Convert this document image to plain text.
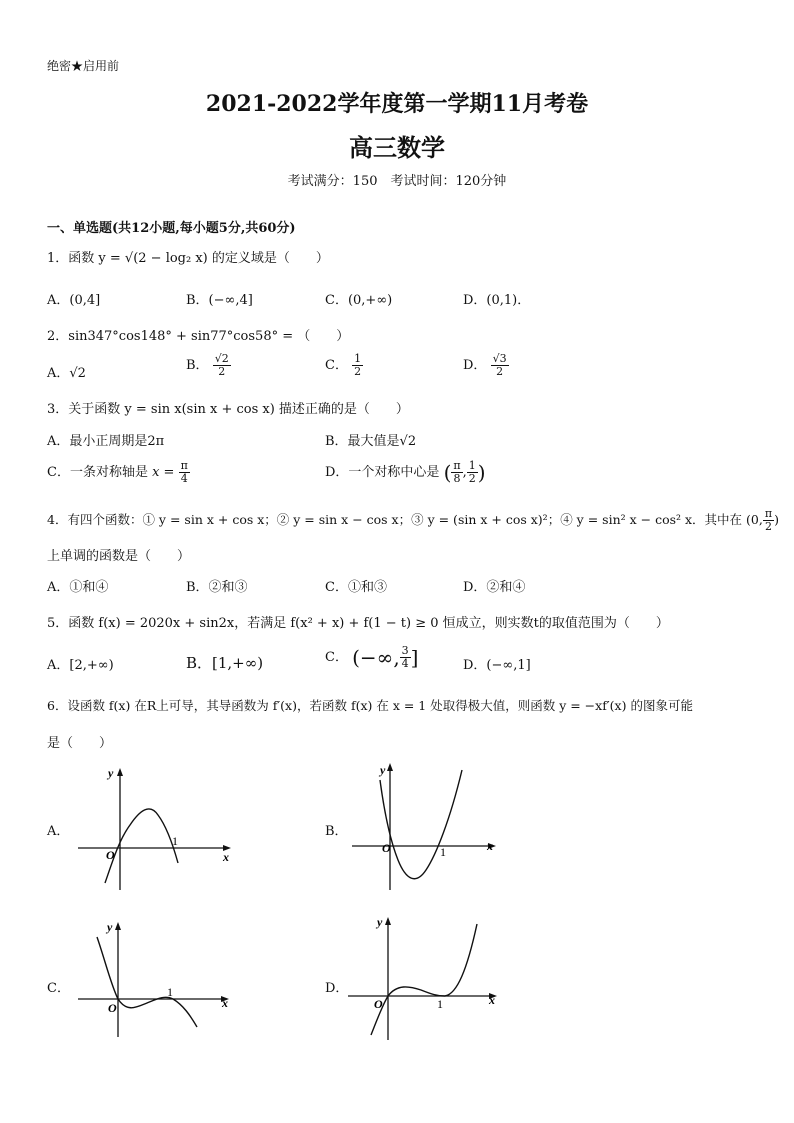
绝密★启用前
2021-2022学年度第一学期11月考卷
高三数学
考试满分：150　考试时间：120分钟
一、单选题(共12小题,每小题5分,共60分)
1．函数 y = √(2 − log₂ x) 的定义域是（　　）
A．(0,4]	B．(−∞,4]	C．(0,+∞)	D．(0,1)．
2．sin347°cos148° + sin77°cos58° = （　　）
A．√2
B． $\frac{√2}{2}$	C． $\frac{1}{2}$	D． $\frac{√3}{2}$
3．关于函数 y = sin x(sin x + cos x) 描述正确的是（　　）
A．最小正周期是2π	B．最大值是√2
C．一条对称轴是 $x = \frac{\pi}{4}$	D．一个对称中心是 ( $\frac{\pi}{8}$ , $\frac{1}{2}$ )
4．有四个函数：① y = sin x + cos x；② y = sin x − cos x；③ y = (sin x + cos x)²；④ y = sin² x − cos² x．其中在 (0, $\frac{\pi}{2}$ )
上单调的函数是（　　）
A．①和④	B．②和③	C．①和③	D．②和④
5．函数 f(x) = 2020x + sin2x，若满足 f(x² + x) + f(1 − t) ≥ 0 恒成立，则实数t的取值范围为（　　）
A．[2,+∞)	B．[1,+∞)	C． (−∞, $\frac{3}{4}$ ]	D．(−∞,1]
6．设函数 f(x) 在R上可导，其导函数为 f′(x)，若函数 f(x) 在 x = 1 处取得极大值，则函数 y = −xf′(x) 的图象可能
是（　　）
A．	B．
C．	D．
y
x
O
1
y
x
O	1
y
x
O
1
y
x
O	1
